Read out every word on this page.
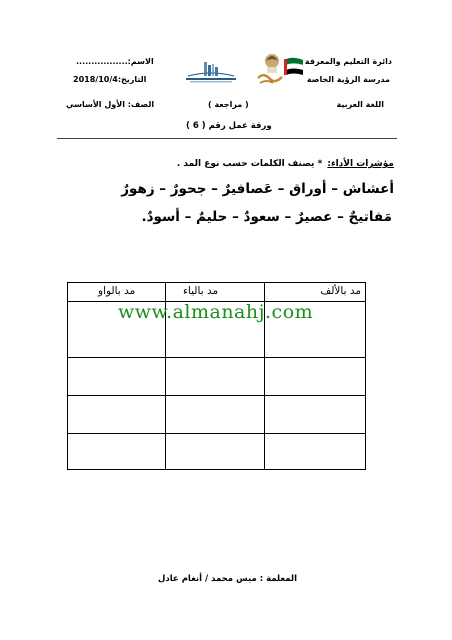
دائرة التعليم والمعرفة
مدرسة الرؤية الخاصة
اللغة العربية
( مراجعة )
الاسم:.................
التاريخ:2018/10/4
الصف: الأول الأساسي
ورقة عمل رقم ( 6 )
مؤشرات الأداء: * يصنف الكلمات حسب نوع المد .
أعشاش – أوراق – عَصافيرٌ – جحورٌ – زهورٌ
مَفاتيحٌ – عصيرٌ – سعودٌ – حليمٌ – أسودٌ.
مد بالألف
مد بالياء
مد بالواو
www.almanahj.com
المعلمة : ميس محمد / أنغام عادل
